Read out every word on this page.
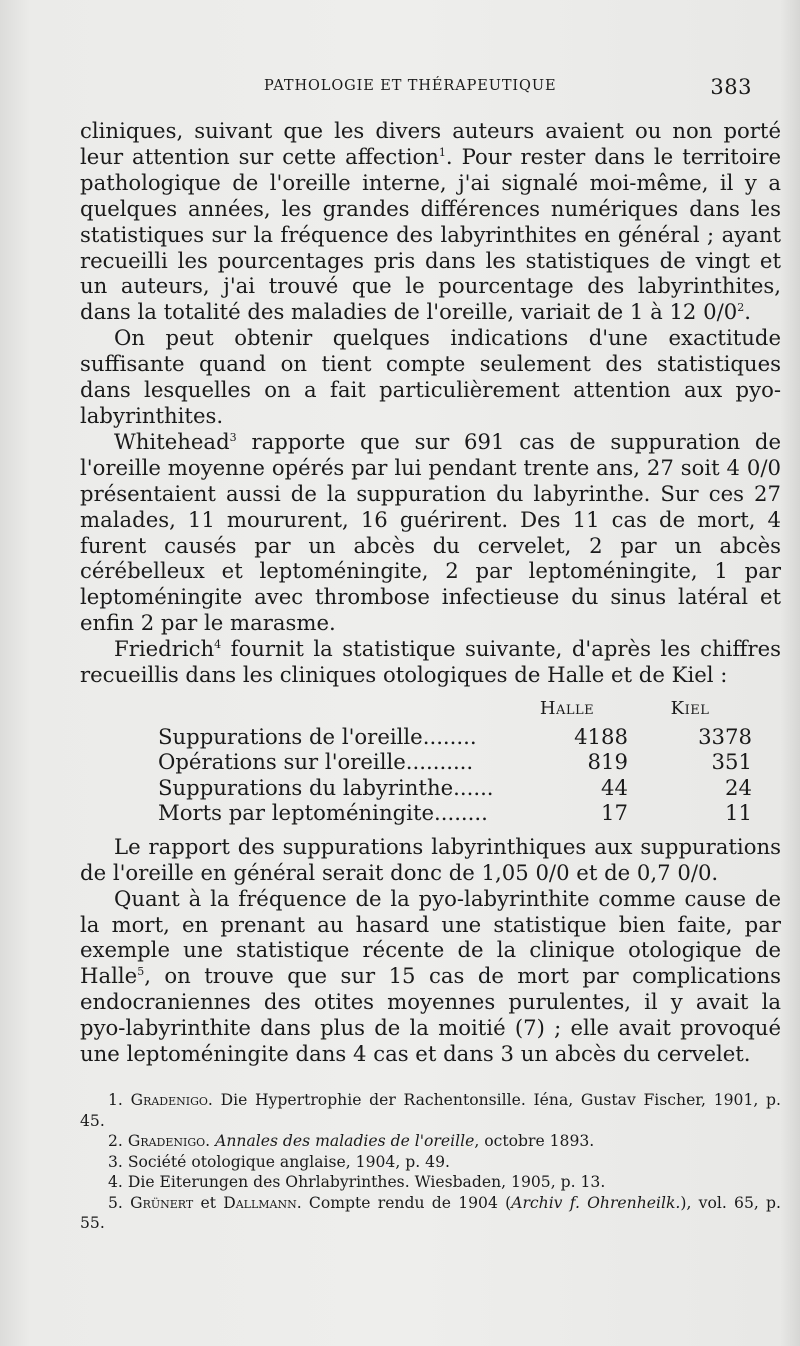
PATHOLOGIE ET THÉRAPEUTIQUE	383

cliniques, suivant que les divers auteurs avaient ou non porté leur attention sur cette affection$^1$. Pour rester dans le territoire pathologique de l'oreille interne, j'ai signalé moi-même, il y a quelques années, les grandes différences numériques dans les statistiques sur la fréquence des labyrinthites en général ; ayant recueilli les pourcentages pris dans les statistiques de vingt et un auteurs, j'ai trouvé que le pourcentage des labyrinthites, dans la totalité des maladies de l'oreille, variait de 1 à 12 $0/0^2$.

On peut obtenir quelques indications d'une exactitude suffisante quand on tient compte seulement des statistiques dans lesquelles on a fait particulièrement attention aux pyo-labyrinthites.

Whitehead$^3$ rapporte que sur 691 cas de suppuration de l'oreille moyenne opérés par lui pendant trente ans, 27 soit 4 0/0 présentaient aussi de la suppuration du labyrinthe. Sur ces 27 malades, 11 moururent, 16 guérirent. Des 11 cas de mort, 4 furent causés par un abcès du cervelet, 2 par un abcès cérébelleux et leptoméningite, 2 par leptoméningite, 1 par leptoméningite avec thrombose infectieuse du sinus latéral et enfin 2 par le marasme.

Friedrich$^4$ fournit la statistique suivante, d'après les chiffres recueillis dans les cliniques otologiques de Halle et de Kiel :

	Halle	Kiel
Suppurations de l'oreille........	4188	3378
Opérations sur l'oreille..........	819	351
Suppurations du labyrinthe......	44	24
Morts par leptoméningite........	17	11

Le rapport des suppurations labyrinthiques aux suppurations de l'oreille en général serait donc de 1,05 0/0 et de 0,7 0/0.

Quant à la fréquence de la pyo-labyrinthite comme cause de la mort, en prenant au hasard une statistique bien faite, par exemple une statistique récente de la clinique otologique de Halle$^5$, on trouve que sur 15 cas de mort par complications endocraniennes des otites moyennes purulentes, il y avait la pyo-labyrinthite dans plus de la moitié (7) ; elle avait provoqué une leptoméningite dans 4 cas et dans 3 un abcès du cervelet.

1. Gradenigo. Die Hypertrophie der Rachentonsille. Iéna, Gustav Fischer, 1901, p. 45.

2. Gradenigo. Annales des maladies de l'oreille, octobre 1893.

3. Société otologique anglaise, 1904, p. 49.

4. Die Eiterungen des Ohrlabyrinthes. Wiesbaden, 1905, p. 13.

5. Grünert et Dallmann. Compte rendu de 1904 (Archiv f. Ohrenheilk.), vol. 65, p. 55.
